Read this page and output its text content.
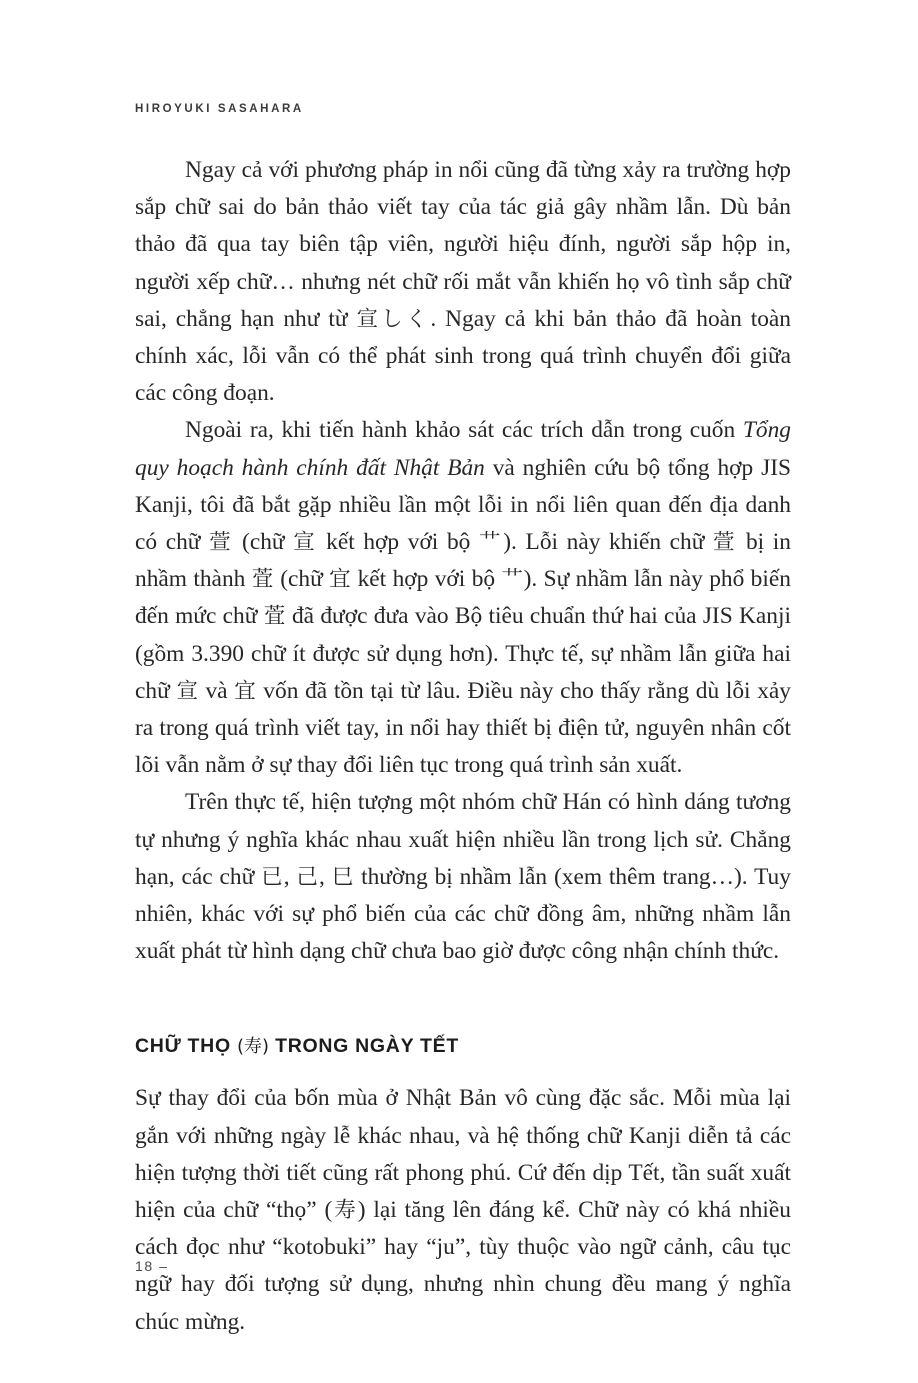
HIROYUKI SASAHARA

Ngay cả với phương pháp in nổi cũng đã từng xảy ra trường hợp sắp chữ sai do bản thảo viết tay của tác giả gây nhầm lẫn. Dù bản thảo đã qua tay biên tập viên, người hiệu đính, người sắp hộp in, người xếp chữ… nhưng nét chữ rối mắt vẫn khiến họ vô tình sắp chữ sai, chẳng hạn như từ 宣しく. Ngay cả khi bản thảo đã hoàn toàn chính xác, lỗi vẫn có thể phát sinh trong quá trình chuyển đổi giữa các công đoạn.

Ngoài ra, khi tiến hành khảo sát các trích dẫn trong cuốn Tổng quy hoạch hành chính đất Nhật Bản và nghiên cứu bộ tổng hợp JIS Kanji, tôi đã bắt gặp nhiều lần một lỗi in nổi liên quan đến địa danh có chữ 萱 (chữ 宣 kết hợp với bộ 艹). Lỗi này khiến chữ 萱 bị in nhầm thành 萓 (chữ 宜 kết hợp với bộ 艹). Sự nhầm lẫn này phổ biến đến mức chữ 萓 đã được đưa vào Bộ tiêu chuẩn thứ hai của JIS Kanji (gồm 3.390 chữ ít được sử dụng hơn). Thực tế, sự nhầm lẫn giữa hai chữ 宣 và 宜 vốn đã tồn tại từ lâu. Điều này cho thấy rằng dù lỗi xảy ra trong quá trình viết tay, in nổi hay thiết bị điện tử, nguyên nhân cốt lõi vẫn nằm ở sự thay đổi liên tục trong quá trình sản xuất.

Trên thực tế, hiện tượng một nhóm chữ Hán có hình dáng tương tự nhưng ý nghĩa khác nhau xuất hiện nhiều lần trong lịch sử. Chẳng hạn, các chữ 已, 己, 巳 thường bị nhầm lẫn (xem thêm trang…). Tuy nhiên, khác với sự phổ biến của các chữ đồng âm, những nhầm lẫn xuất phát từ hình dạng chữ chưa bao giờ được công nhận chính thức.

CHỮ THỌ (寿) TRONG NGÀY TẾT

Sự thay đổi của bốn mùa ở Nhật Bản vô cùng đặc sắc. Mỗi mùa lại gắn với những ngày lễ khác nhau, và hệ thống chữ Kanji diễn tả các hiện tượng thời tiết cũng rất phong phú. Cứ đến dịp Tết, tần suất xuất hiện của chữ “thọ” (寿) lại tăng lên đáng kể. Chữ này có khá nhiều cách đọc như “kotobuki” hay “ju”, tùy thuộc vào ngữ cảnh, câu tục ngữ hay đối tượng sử dụng, nhưng nhìn chung đều mang ý nghĩa chúc mừng.

18 –
